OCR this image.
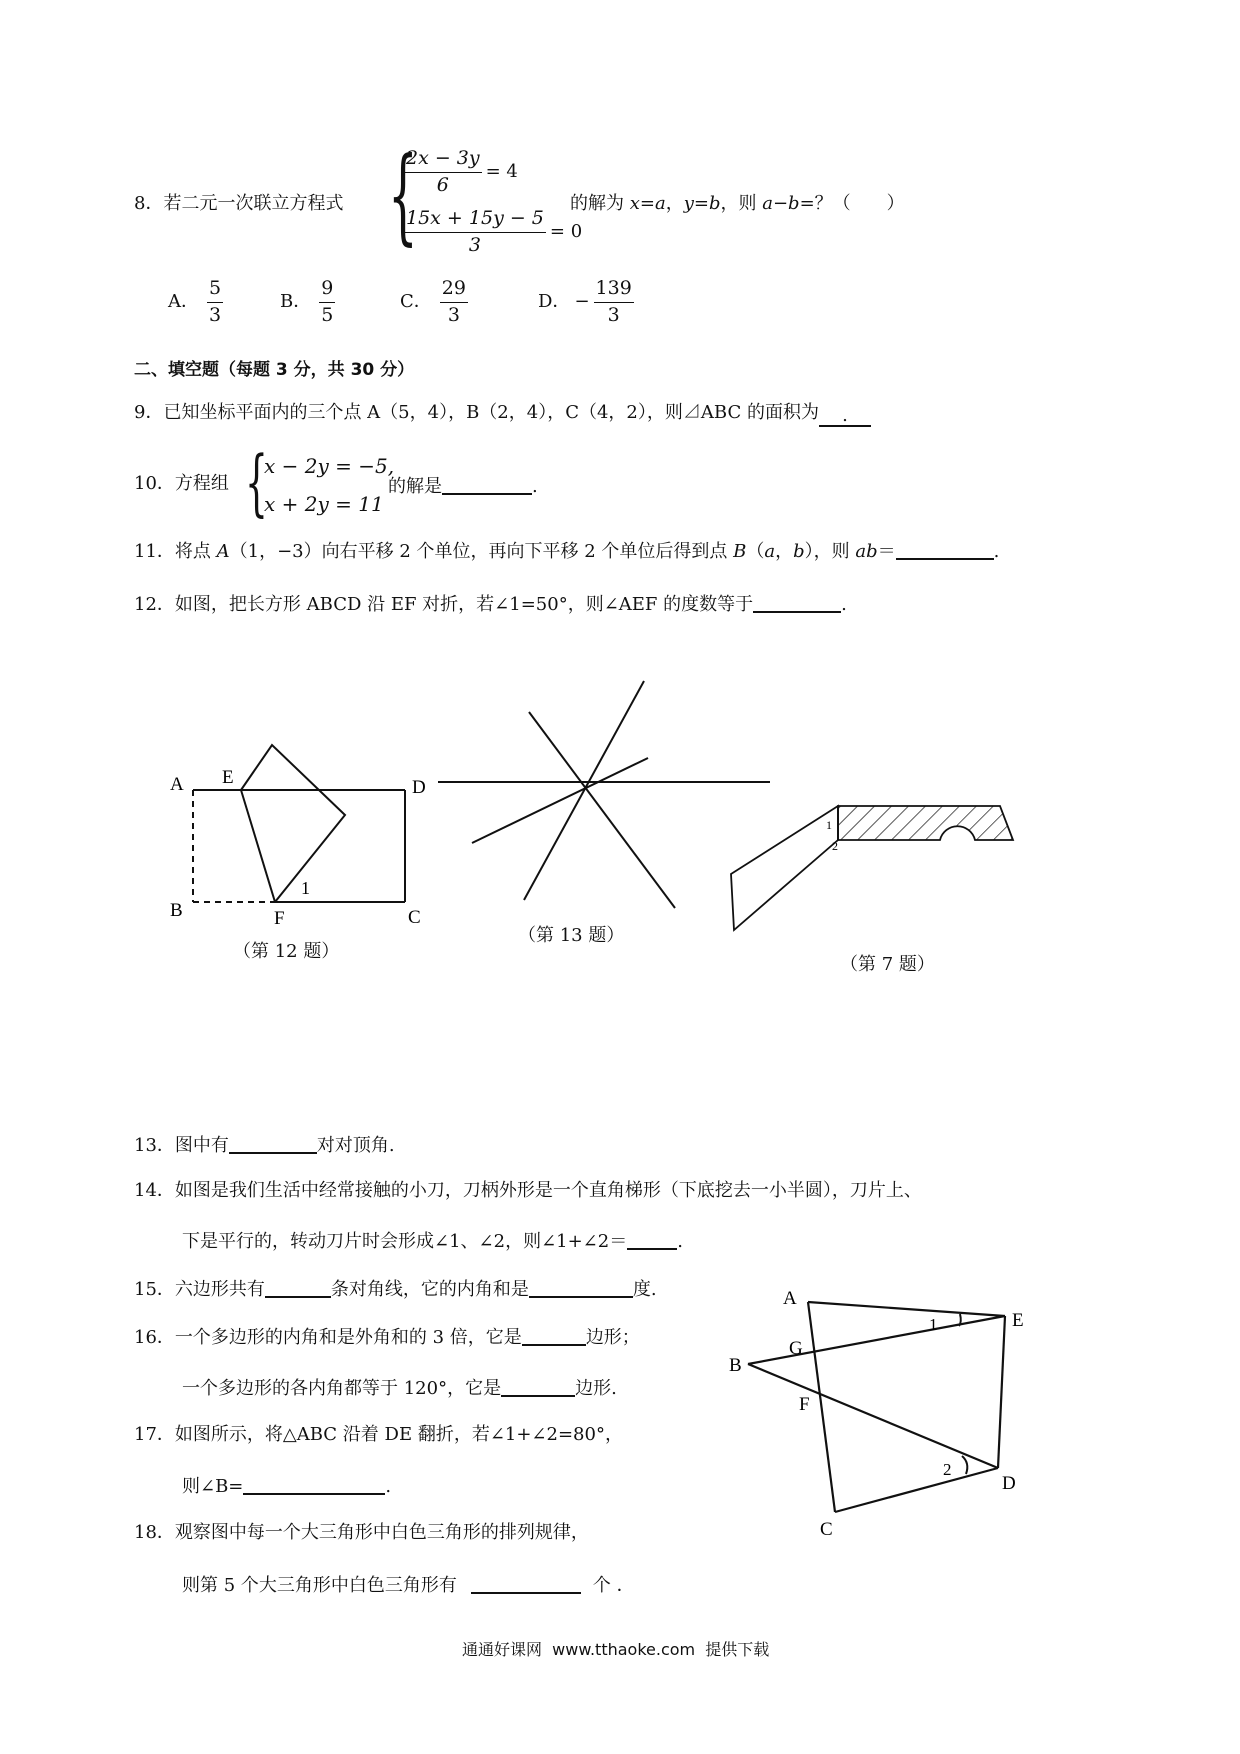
8．若二元一次联立方程式 {
$\frac{2x - 3y}{6} = 4$
$\frac{15x + 15y - 5}{3} = 0$
的解为 x=a，y=b，则 a−b=？（　　）
A． $\frac{5}{3}$	B． $\frac{9}{5}$	C． $\frac{29}{3}$	D． − $\frac{139}{3}$
二、填空题（每题 3 分，共 30 分）
9．已知坐标平面内的三个点 A（5，4），B（2，4），C（4，2），则⊿ABC 的面积为 .
10．方程组 {
x − 2y = −5,
x + 2y = 11
的解是	.
11．将点 A（1，−3）向右平移 2 个单位，再向下平移 2 个单位后得到点 B（a，b），则 ab＝	.
12．如图，把长方形 ABCD 沿 EF 对折，若∠1=50°，则∠AEF 的度数等于	.
A E	D
B	F	C
1
（第 12 题）
（第 13 题）
1
2
（第 7 题）
13．图中有	对对顶角.
14．如图是我们生活中经常接触的小刀，刀柄外形是一个直角梯形（下底挖去一小半圆），刀片上、
下是平行的，转动刀片时会形成∠1、∠2，则∠1+∠2＝	.
15．六边形共有	条对角线，它的内角和是	度.
16．一个多边形的内角和是外角和的 3 倍，它是	边形；
一个多边形的各内角都等于 120°，它是	边形.
17．如图所示，将△ABC 沿着 DE 翻折，若∠1+∠2=80°，
则∠B=	.
A
E
G
B
F
D
C
1
2
18．观察图中每一个大三角形中白色三角形的排列规律，
则第 5 个大三角形中白色三角形有	个 ．
通通好课网  www.tthaoke.com  提供下载
